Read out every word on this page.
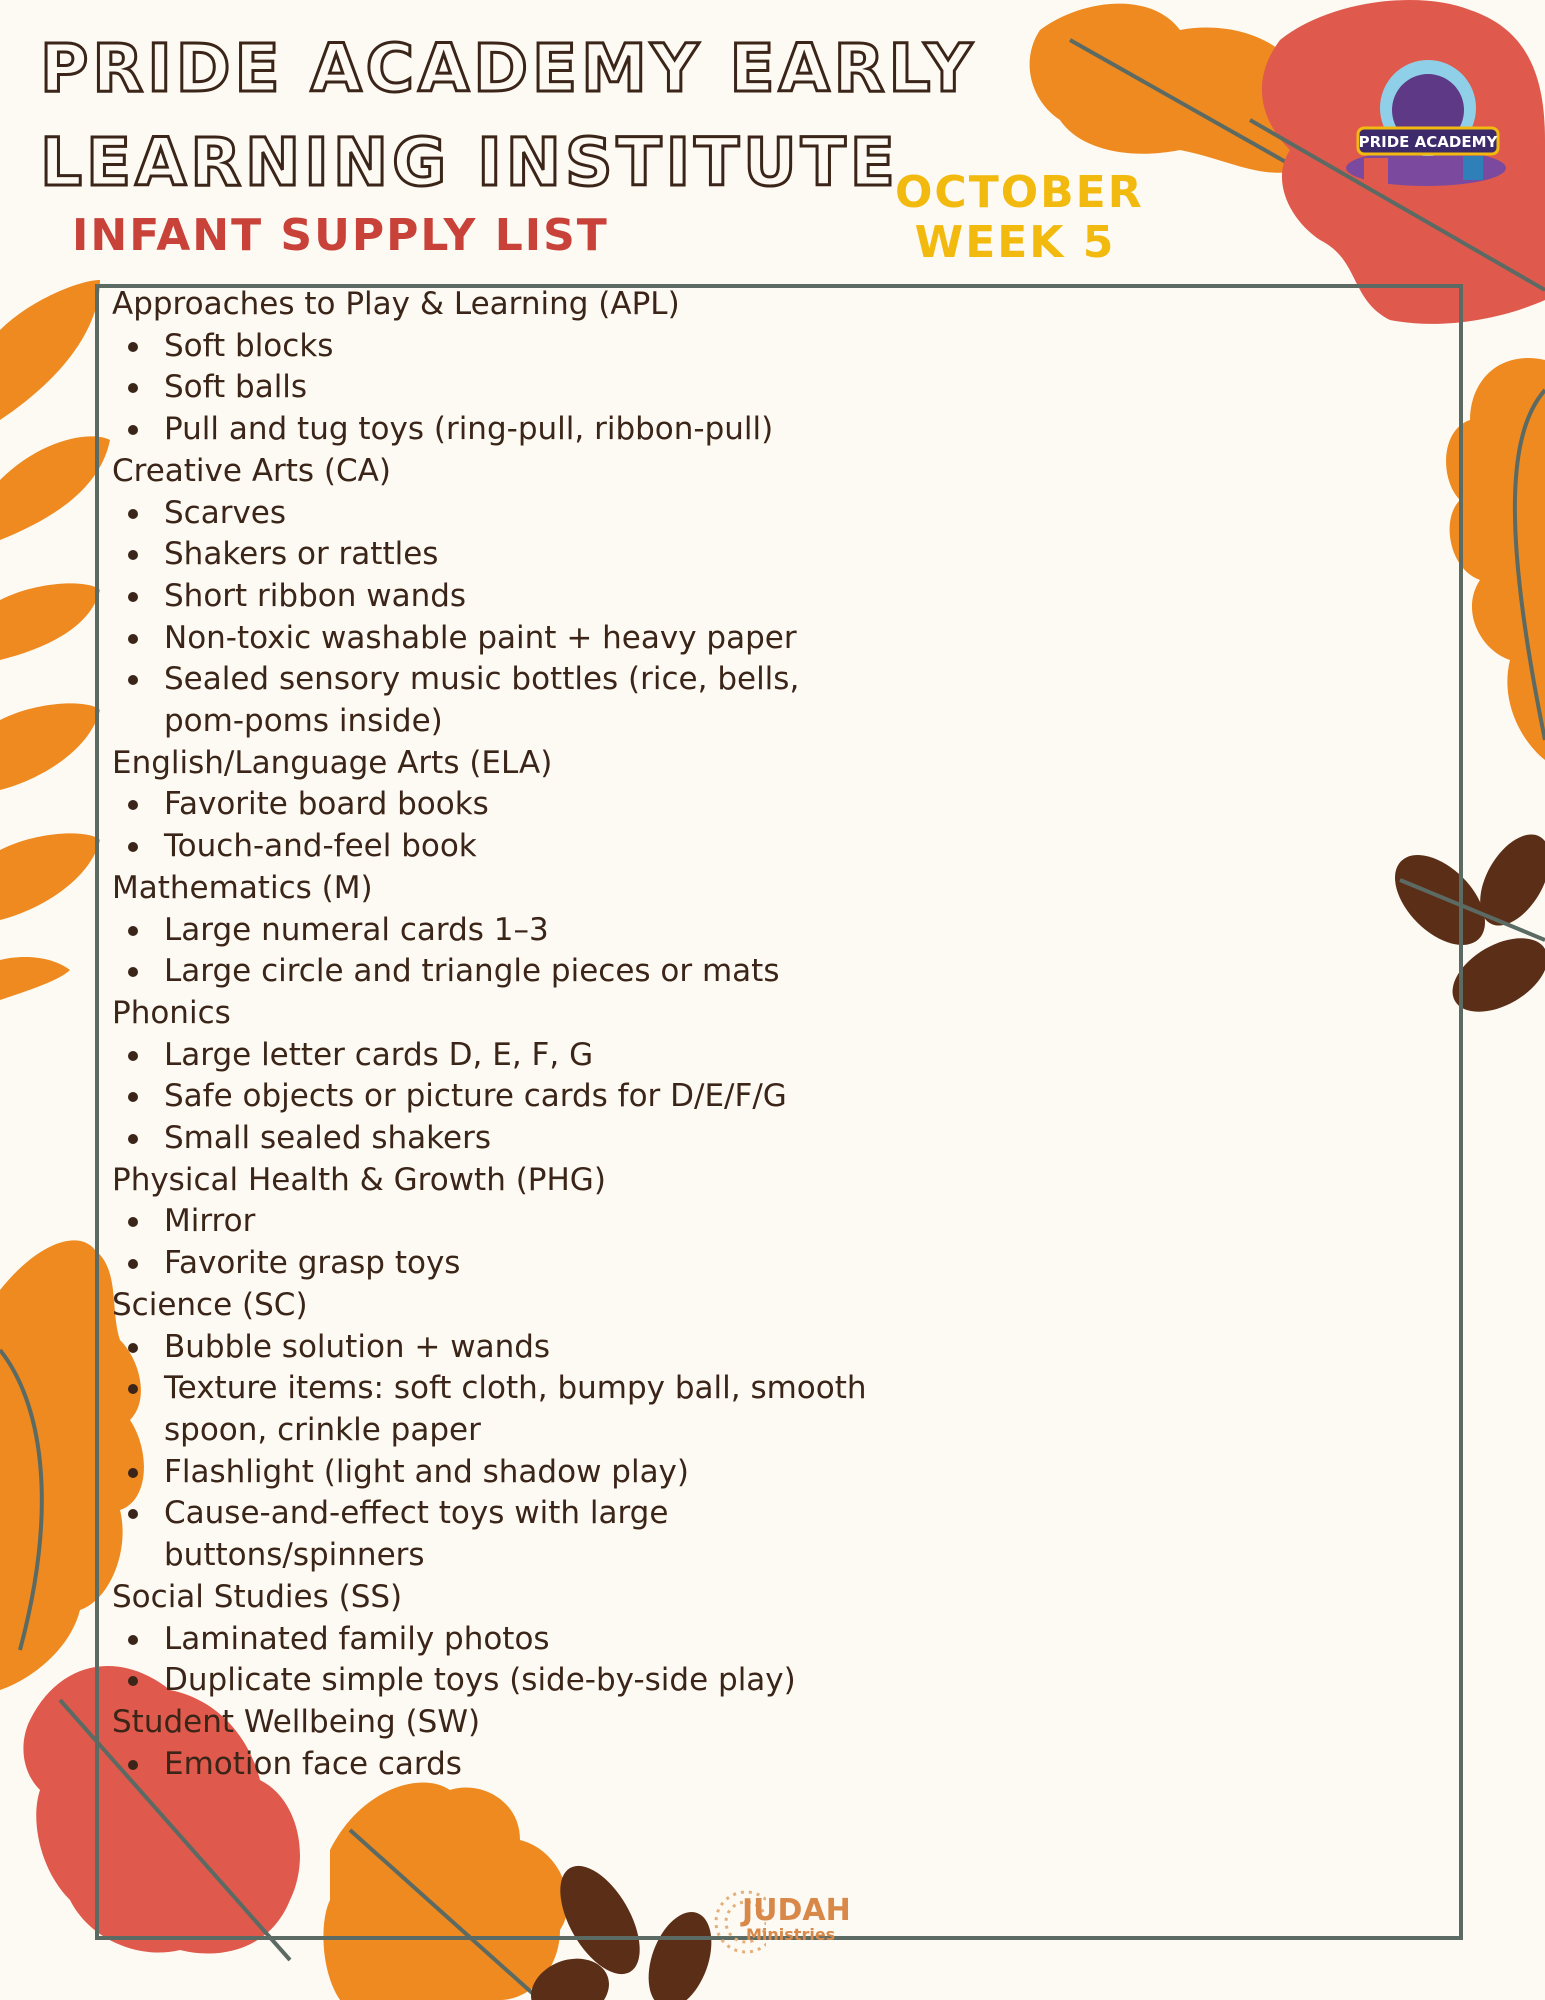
PRIDE ACADEMY EARLY
LEARNING INSTITUTE
INFANT SUPPLY LIST
OCTOBER
WEEK 5
PRIDE ACADEMY

Approaches to Play & Learning (APL)

Soft blocks
Soft balls
Pull and tug toys (ring-pull, ribbon-pull)

Creative Arts (CA)

Scarves
Shakers or rattles
Short ribbon wands
Non-toxic washable paint + heavy paper
Sealed sensory music bottles (rice, bells, pom-poms inside)

English/Language Arts (ELA)

Favorite board books
Touch-and-feel book

Mathematics (M)

Large numeral cards 1–3
Large circle and triangle pieces or mats

Phonics

Large letter cards D, E, F, G
Safe objects or picture cards for D/E/F/G
Small sealed shakers

Physical Health & Growth (PHG)

Mirror
Favorite grasp toys

Science (SC)

Bubble solution + wands
Texture items: soft cloth, bumpy ball, smooth spoon, crinkle paper
Flashlight (light and shadow play)
Cause-and-effect toys with large buttons/spinners

Social Studies (SS)

Laminated family photos
Duplicate simple toys (side-by-side play)

Student Wellbeing (SW)

Emotion face cards

JUDAH

Ministries
